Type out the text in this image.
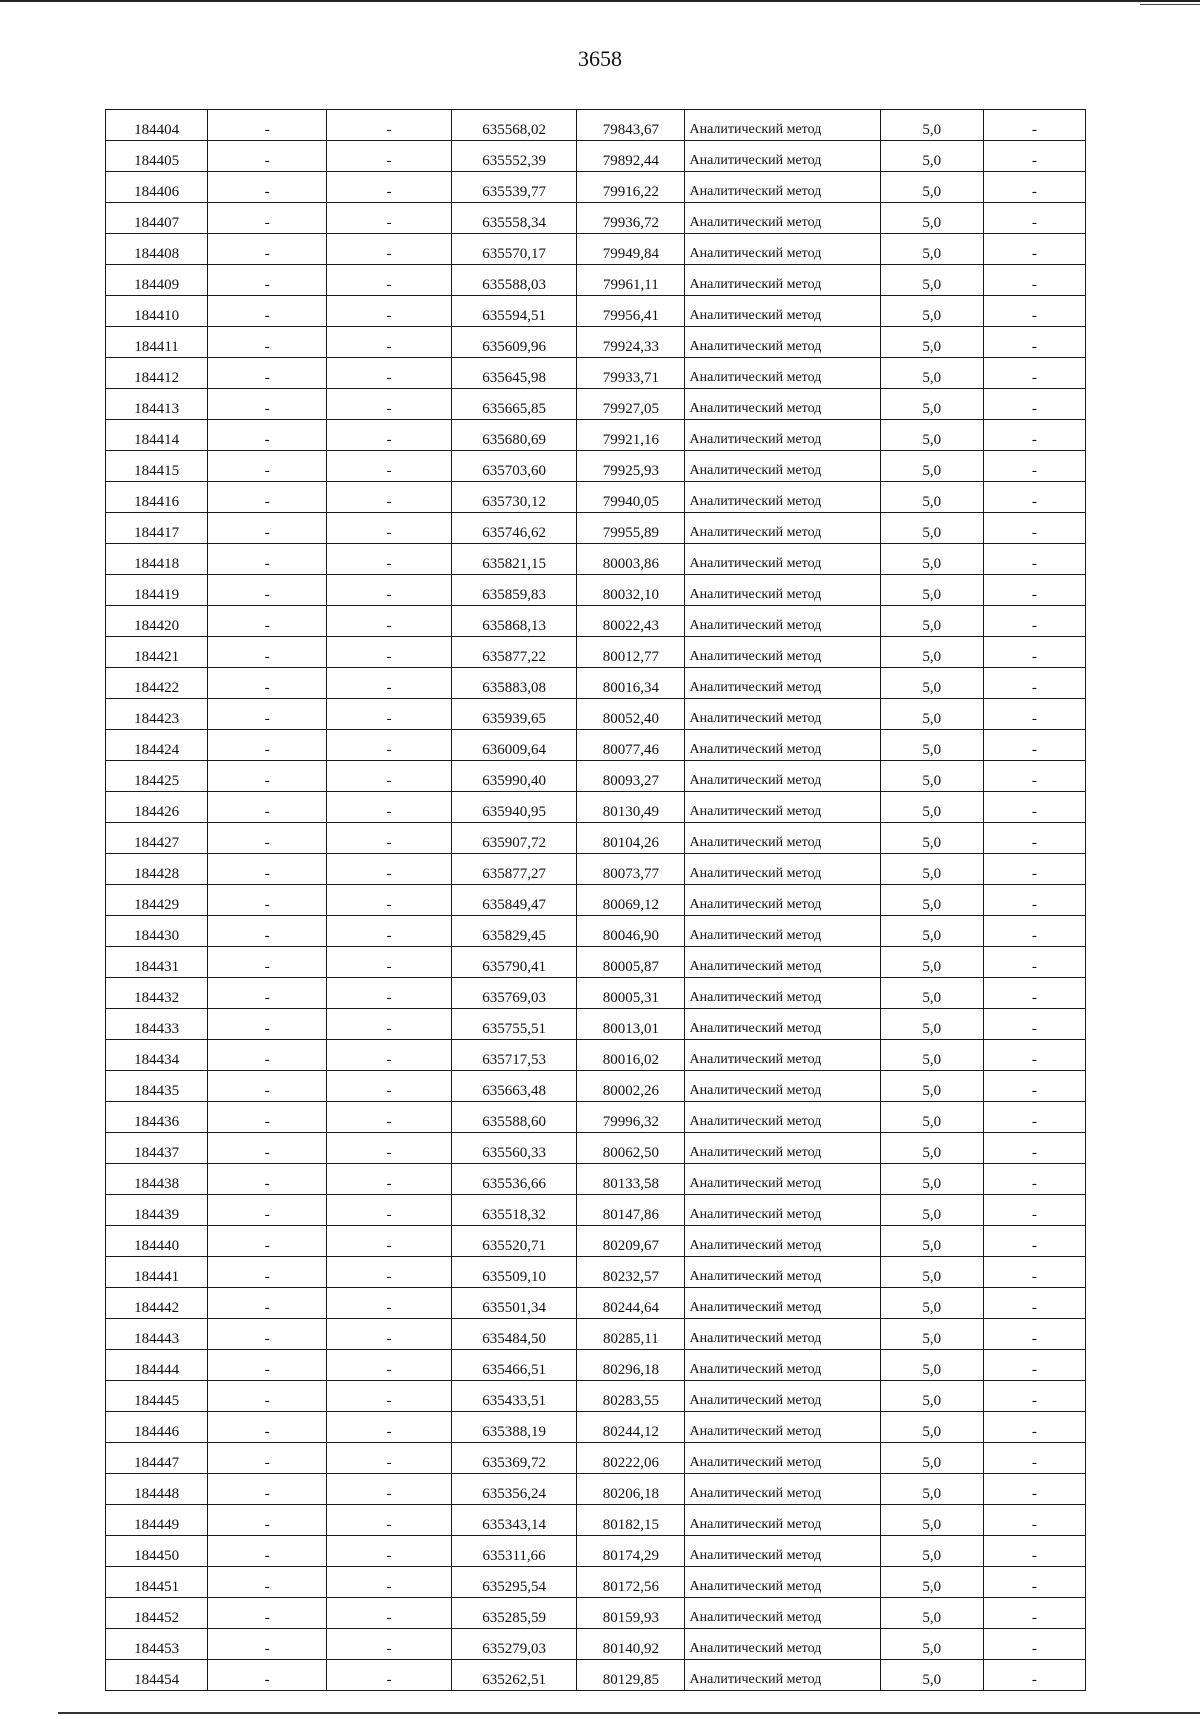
3658
184404	-	-	635568,02	79843,67	Аналитический метод	5,0	-
184405	-	-	635552,39	79892,44	Аналитический метод	5,0	-
184406	-	-	635539,77	79916,22	Аналитический метод	5,0	-
184407	-	-	635558,34	79936,72	Аналитический метод	5,0	-
184408	-	-	635570,17	79949,84	Аналитический метод	5,0	-
184409	-	-	635588,03	79961,11	Аналитический метод	5,0	-
184410	-	-	635594,51	79956,41	Аналитический метод	5,0	-
184411	-	-	635609,96	79924,33	Аналитический метод	5,0	-
184412	-	-	635645,98	79933,71	Аналитический метод	5,0	-
184413	-	-	635665,85	79927,05	Аналитический метод	5,0	-
184414	-	-	635680,69	79921,16	Аналитический метод	5,0	-
184415	-	-	635703,60	79925,93	Аналитический метод	5,0	-
184416	-	-	635730,12	79940,05	Аналитический метод	5,0	-
184417	-	-	635746,62	79955,89	Аналитический метод	5,0	-
184418	-	-	635821,15	80003,86	Аналитический метод	5,0	-
184419	-	-	635859,83	80032,10	Аналитический метод	5,0	-
184420	-	-	635868,13	80022,43	Аналитический метод	5,0	-
184421	-	-	635877,22	80012,77	Аналитический метод	5,0	-
184422	-	-	635883,08	80016,34	Аналитический метод	5,0	-
184423	-	-	635939,65	80052,40	Аналитический метод	5,0	-
184424	-	-	636009,64	80077,46	Аналитический метод	5,0	-
184425	-	-	635990,40	80093,27	Аналитический метод	5,0	-
184426	-	-	635940,95	80130,49	Аналитический метод	5,0	-
184427	-	-	635907,72	80104,26	Аналитический метод	5,0	-
184428	-	-	635877,27	80073,77	Аналитический метод	5,0	-
184429	-	-	635849,47	80069,12	Аналитический метод	5,0	-
184430	-	-	635829,45	80046,90	Аналитический метод	5,0	-
184431	-	-	635790,41	80005,87	Аналитический метод	5,0	-
184432	-	-	635769,03	80005,31	Аналитический метод	5,0	-
184433	-	-	635755,51	80013,01	Аналитический метод	5,0	-
184434	-	-	635717,53	80016,02	Аналитический метод	5,0	-
184435	-	-	635663,48	80002,26	Аналитический метод	5,0	-
184436	-	-	635588,60	79996,32	Аналитический метод	5,0	-
184437	-	-	635560,33	80062,50	Аналитический метод	5,0	-
184438	-	-	635536,66	80133,58	Аналитический метод	5,0	-
184439	-	-	635518,32	80147,86	Аналитический метод	5,0	-
184440	-	-	635520,71	80209,67	Аналитический метод	5,0	-
184441	-	-	635509,10	80232,57	Аналитический метод	5,0	-
184442	-	-	635501,34	80244,64	Аналитический метод	5,0	-
184443	-	-	635484,50	80285,11	Аналитический метод	5,0	-
184444	-	-	635466,51	80296,18	Аналитический метод	5,0	-
184445	-	-	635433,51	80283,55	Аналитический метод	5,0	-
184446	-	-	635388,19	80244,12	Аналитический метод	5,0	-
184447	-	-	635369,72	80222,06	Аналитический метод	5,0	-
184448	-	-	635356,24	80206,18	Аналитический метод	5,0	-
184449	-	-	635343,14	80182,15	Аналитический метод	5,0	-
184450	-	-	635311,66	80174,29	Аналитический метод	5,0	-
184451	-	-	635295,54	80172,56	Аналитический метод	5,0	-
184452	-	-	635285,59	80159,93	Аналитический метод	5,0	-
184453	-	-	635279,03	80140,92	Аналитический метод	5,0	-
184454	-	-	635262,51	80129,85	Аналитический метод	5,0	-
